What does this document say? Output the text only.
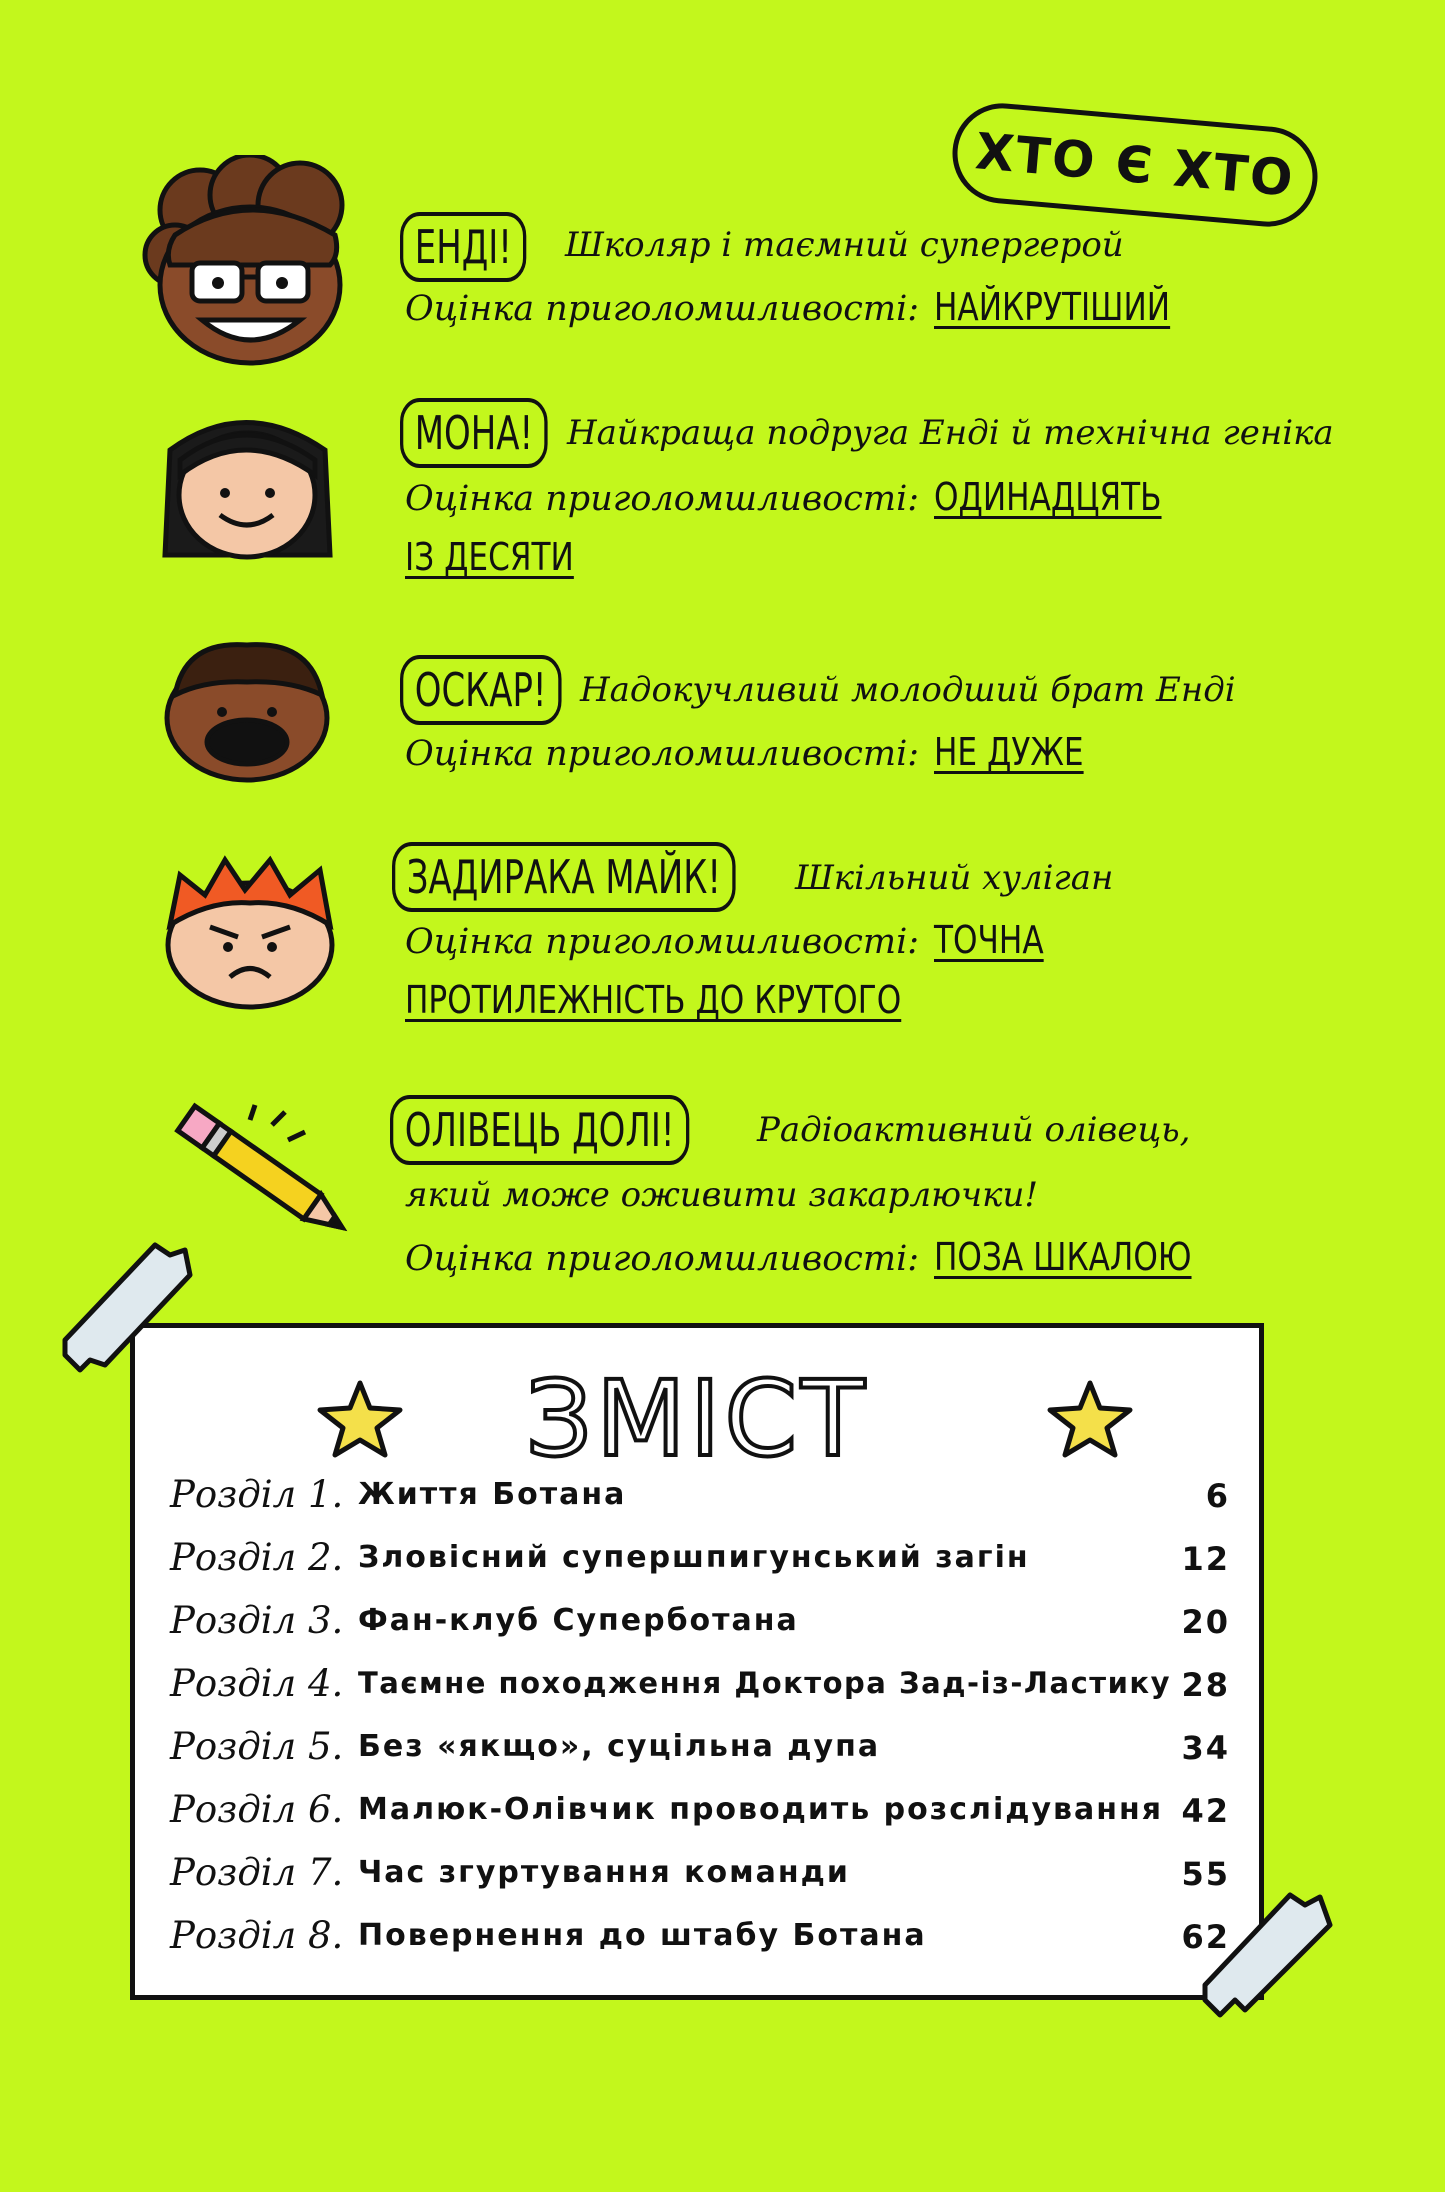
ХТО Є ХТО
ЕНДІ!	Школяр і таємний супергерой
Оцінка приголомшливості: НАЙКРУТІШИЙ
МОНА! Найкраща подруга Енді й технічна геніка
Оцінка приголомшливості: ОДИНАДЦЯТЬ
ІЗ ДЕСЯТИ
ОСКАР! Надокучливий молодший брат Енді
Оцінка приголомшливості: НЕ ДУЖЕ
ЗАДИРАКА МАЙК!	Шкільний хуліган
Оцінка приголомшливості: ТОЧНА
ПРОТИЛЕЖНІСТЬ ДО КРУТОГО
ОЛІВЕЦЬ ДОЛІ!	Радіоактивний олівець,
який може оживити закарлючки!
Оцінка приголомшливості: ПОЗА ШКАЛОЮ
ЗМІСТ
Розділ 1. Життя Ботана	6
Розділ 2. Зловісний супершпигунський загін	12
Розділ 3. Фан-клуб Суперботана	20
Розділ 4. Таємне походження Доктора Зад-із-Ластику 28
Розділ 5. Без «якщо», суцільна дупа	34
Розділ 6. Малюк-Олівчик проводить розслідування 42
Розділ 7. Час згуртування команди	55
Розділ 8. Повернення до штабу Ботана	62
